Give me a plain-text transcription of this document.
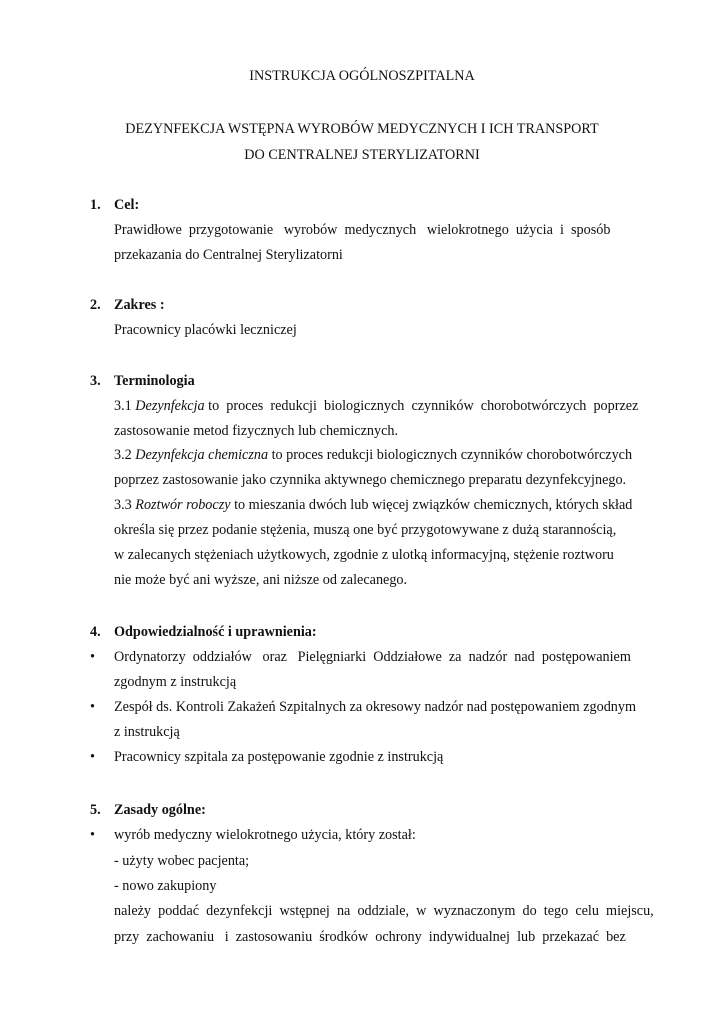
INSTRUKCJA OGÓLNOSZPITALNA
DEZYNFEKCJA WSTĘPNA WYROBÓW MEDYCZNYCH I ICH TRANSPORT
DO CENTRALNEJ STERYLIZATORNI
1. Cel:
Prawidłowe  przygotowanie   wyrobów  medycznych   wielokrotnego  użycia  i  sposób
przekazania do Centralnej Sterylizatorni
2. Zakres :
Pracownicy placówki leczniczej
3. Terminologia
3.1 Dezynfekcja to  proces  redukcji  biologicznych  czynników  chorobotwórczych  poprzez
zastosowanie metod fizycznych lub chemicznych.
3.2 Dezynfekcja chemiczna to proces redukcji biologicznych czynników chorobotwórczych
poprzez zastosowanie jako czynnika aktywnego chemicznego preparatu dezynfekcyjnego.
3.3 Roztwór roboczy to mieszania dwóch lub więcej związków chemicznych, których skład
określa się przez podanie stężenia, muszą one być przygotowywane z dużą starannością,
w zalecanych stężeniach użytkowych, zgodnie z ulotką informacyjną, stężenie roztworu
nie może być ani wyższe, ani niższe od zalecanego.
4. Odpowiedzialność i uprawnienia:
• Ordynatorzy  oddziałów   oraz   Pielęgniarki  Oddziałowe  za  nadzór  nad  postępowaniem
zgodnym z instrukcją
• Zespół ds. Kontroli Zakażeń Szpitalnych za okresowy nadzór nad postępowaniem zgodnym
z instrukcją
• Pracownicy szpitala za postępowanie zgodnie z instrukcją
5. Zasady ogólne:
• wyrób medyczny wielokrotnego użycia, który został:
- użyty wobec pacjenta;
- nowo zakupiony
należy  poddać  dezynfekcji  wstępnej  na  oddziale,  w  wyznaczonym  do  tego  celu  miejscu,
przy  zachowaniu   i  zastosowaniu  środków  ochrony  indywidualnej  lub  przekazać  bez
